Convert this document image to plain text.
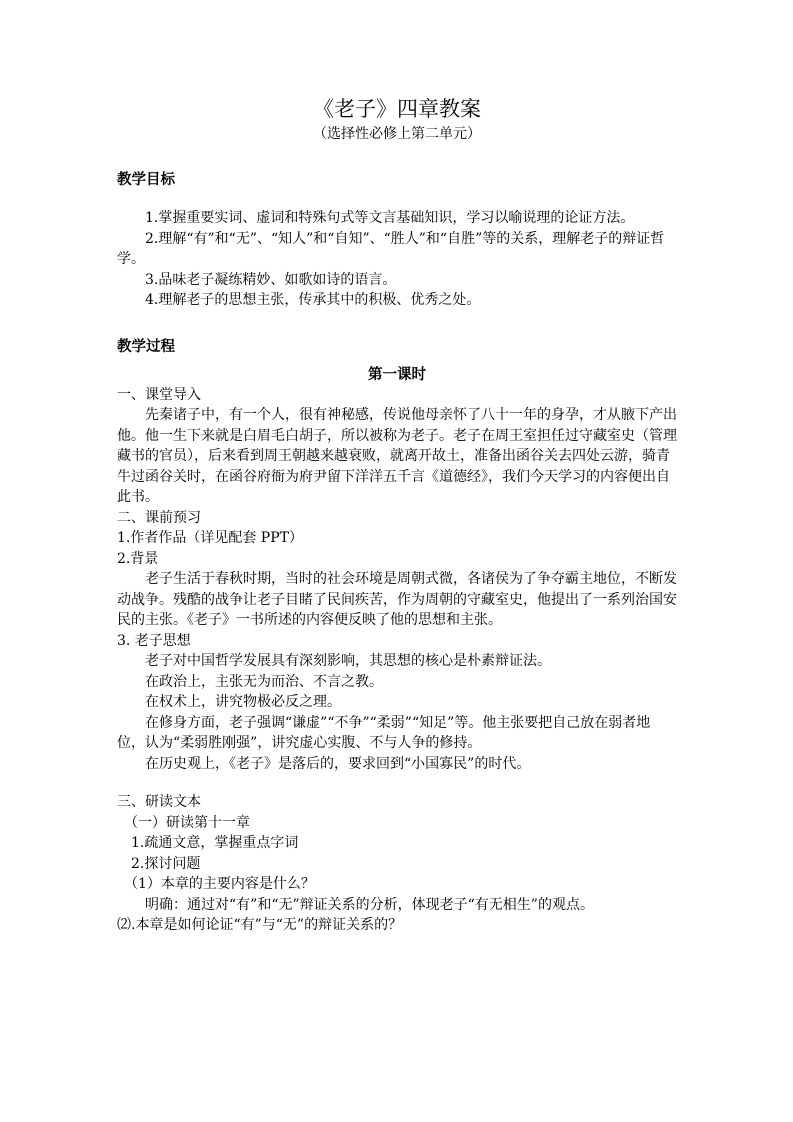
《老子》四章教案

（选择性必修上第二单元）

教学目标

1.掌握重要实词、虚词和特殊句式等文言基础知识，学习以喻说理的论证方法。

2.理解“有”和“无”、“知人”和“自知”、“胜人”和“自胜”等的关系，理解老子的辩证哲学。

3.品味老子凝练精妙、如歌如诗的语言。

4.理解老子的思想主张，传承其中的积极、优秀之处。

教学过程
第一课时

一、课堂导入

先秦诸子中，有一个人，很有神秘感，传说他母亲怀了八十一年的身孕，才从腋下产出他。他一生下来就是白眉毛白胡子，所以被称为老子。老子在周王室担任过守藏室史（管理藏书的官员），后来看到周王朝越来越衰败，就离开故土，准备出函谷关去四处云游，骑青牛过函谷关时，在函谷府衙为府尹留下洋洋五千言《道德经》，我们今天学习的内容便出自此书。

二、课前预习

1.作者作品（详见配套 PPT）

2.背景

老子生活于春秋时期，当时的社会环境是周朝式微，各诸侯为了争夺霸主地位，不断发动战争。残酷的战争让老子目睹了民间疾苦，作为周朝的守藏室史，他提出了一系列治国安民的主张。《老子》一书所述的内容便反映了他的思想和主张。

3. 老子思想

老子对中国哲学发展具有深刻影响，其思想的核心是朴素辩证法。

在政治上，主张无为而治、不言之教。

在权术上，讲究物极必反之理。

在修身方面，老子强调“谦虚”“不争”“柔弱”“知足”等。他主张要把自己放在弱者地位，认为“柔弱胜刚强”，讲究虚心实腹、不与人争的修持。

在历史观上，《老子》是落后的，要求回到“小国寡民”的时代。

三、研读文本

（一）研读第十一章

1.疏通文意，掌握重点字词

2.探讨问题

（1）本章的主要内容是什么？

明确：通过对“有”和“无”辩证关系的分析，体现老子“有无相生”的观点。

⑵.本章是如何论证“有”与“无”的辩证关系的？
